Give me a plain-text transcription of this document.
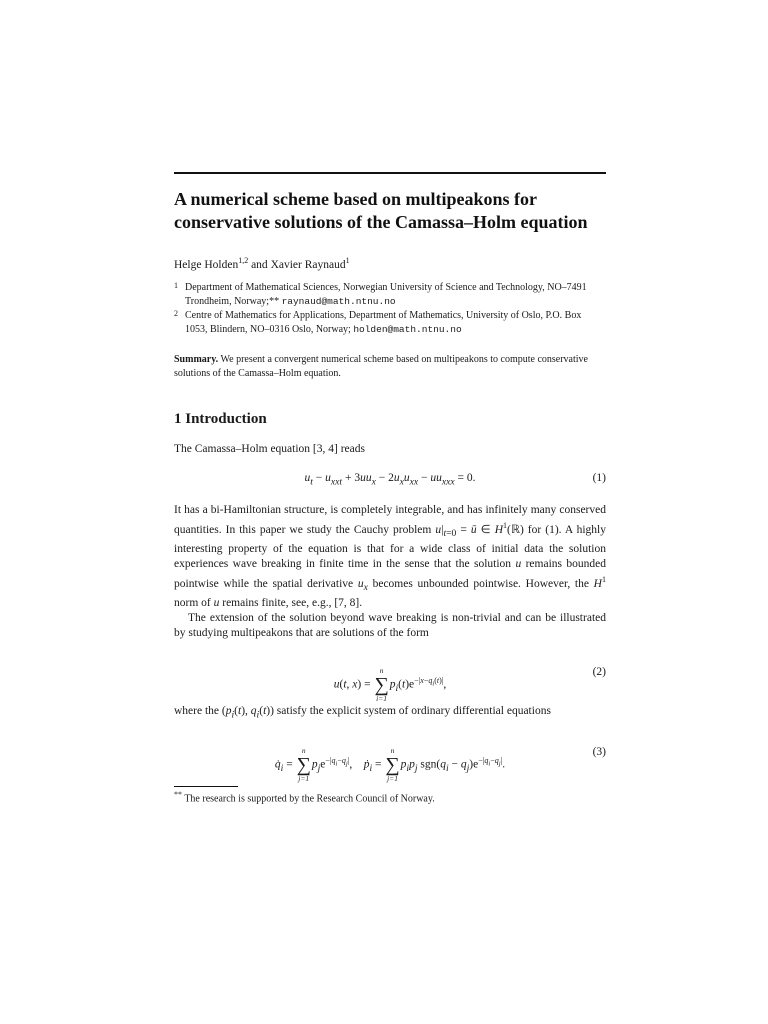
A numerical scheme based on multipeakons for conservative solutions of the Camassa–Holm equation
Helge Holden$^{1,2}$ and Xavier Raynaud$^1$

1 Department of Mathematical Sciences, Norwegian University of Science and Technology, NO–7491 Trondheim, Norway;** raynaud@math.ntnu.no

2 Centre of Mathematics for Applications, Department of Mathematics, University of Oslo, P.O. Box 1053, Blindern, NO–0316 Oslo, Norway; holden@math.ntnu.no

Summary. We present a convergent numerical scheme based on multipeakons to compute conservative solutions of the Camassa–Holm equation.

1 Introduction

The Camassa–Holm equation [3, 4] reads

$u_t - u_{xxt} + 3uu_x - 2u_xu_{xx} - uu_{xxx} = 0$.	(1)

It has a bi-Hamiltonian structure, is completely integrable, and has infinitely many conserved quantities. In this paper we study the Cauchy problem $u|_{t=0}$ = ū ∈ $H^1(ℝ)$ for (1). A highly interesting property of the equation is that for a wide class of initial data the solution experiences wave breaking in finite time in the sense that the solution u remains bounded pointwise while the spatial derivative $u_x$ becomes unbounded pointwise. However, the $H^1$ norm of u remains finite, see, e.g., [7, 8].

The extension of the solution beyond wave breaking is non-trivial and can be illustrated by studying multipeakons that are solutions of the form

u(t, x) =
n
∑
i=1
$p_i(t)e^{-|x-q_i(t)|}$,
(2)

where the ($p_i(t)$, $q_i(t)$) satisfy the explicit system of ordinary differential equations

$q̇_i$ =
n
∑
j=1
$p_je^{-|q_i-q_j|}$,    ṗ$_i$ =
n
∑
j=1
$p_ip_j$ $sgn(q_i - q_j)e^{-|q_i-q_j|}$.
(3)
** The research is supported by the Research Council of Norway.
